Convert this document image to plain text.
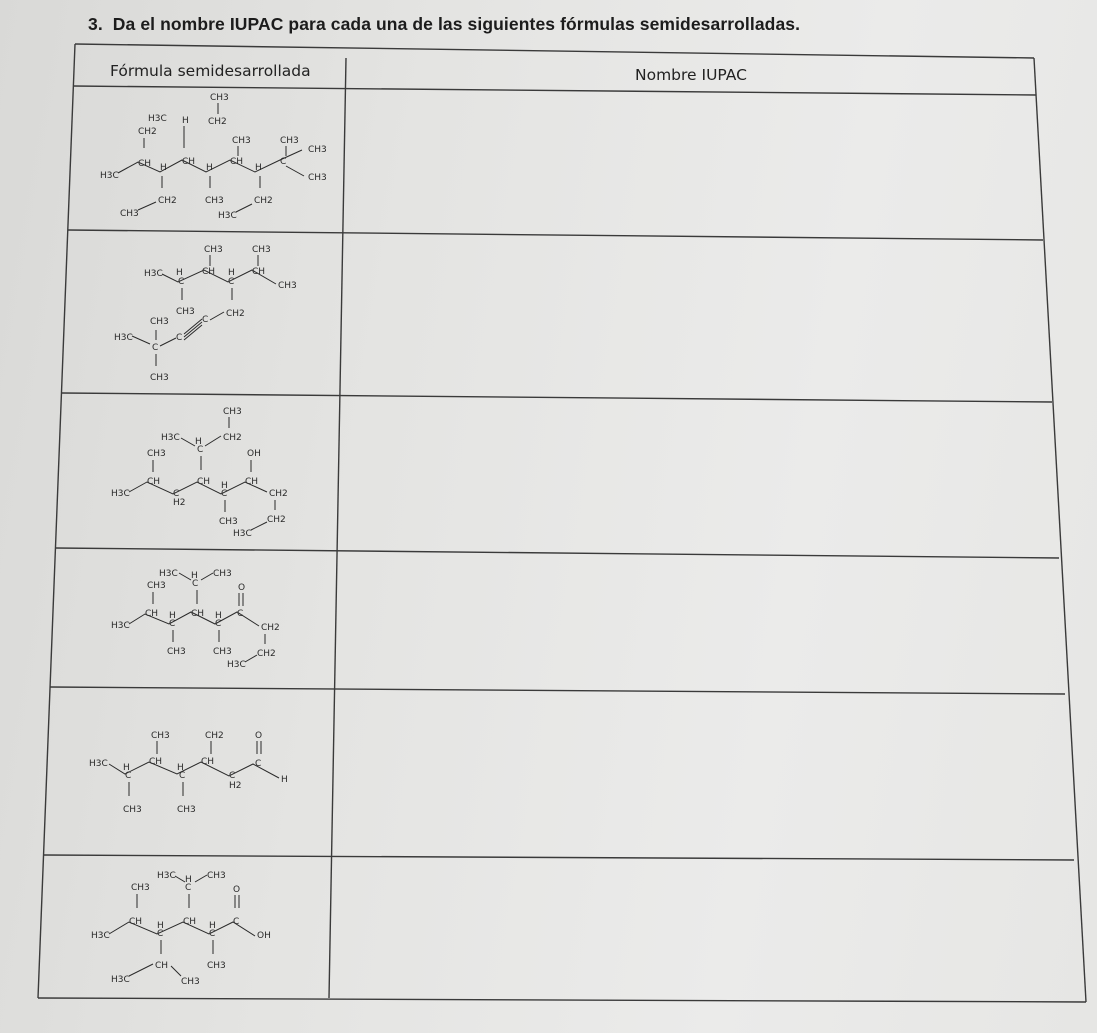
3. Da el nombre IUPAC para cada una de las siguientes fórmulas semidesarrolladas.
Fórmula semidesarrollada	Nombre IUPAC
CH3
H3C H CH2
CH2
CH3	CH3
CH H
CH
H
CH
H
C
CH3
H3C	CH3
CH2	CH3	CH2
CH3	H3C
CH3	CH3
H3C H
C
CH H
C
CH
CH3
CH3	CH2
CH3
H3C
C
C
C
CH3
CH3
H3C H
C
CH2
CH3	OH
H3C
CH
C
H2
CH H
C
CH
CH2
CH3	CH2
H3C
H3C H
C
CH3
CH3	O
H3C
CH H
C
CH H
C
C
CH2
CH3	CH3	CH2
H3C
CH3	CH2	O
H3C H
C
CH
H
C
CH
C
H2
C
H
CH3	CH3
H3C H
C
CH3
CH3	O
H3C
CH H
C
CH H
C
C
OH
CH
CH3
H3C
CH3
